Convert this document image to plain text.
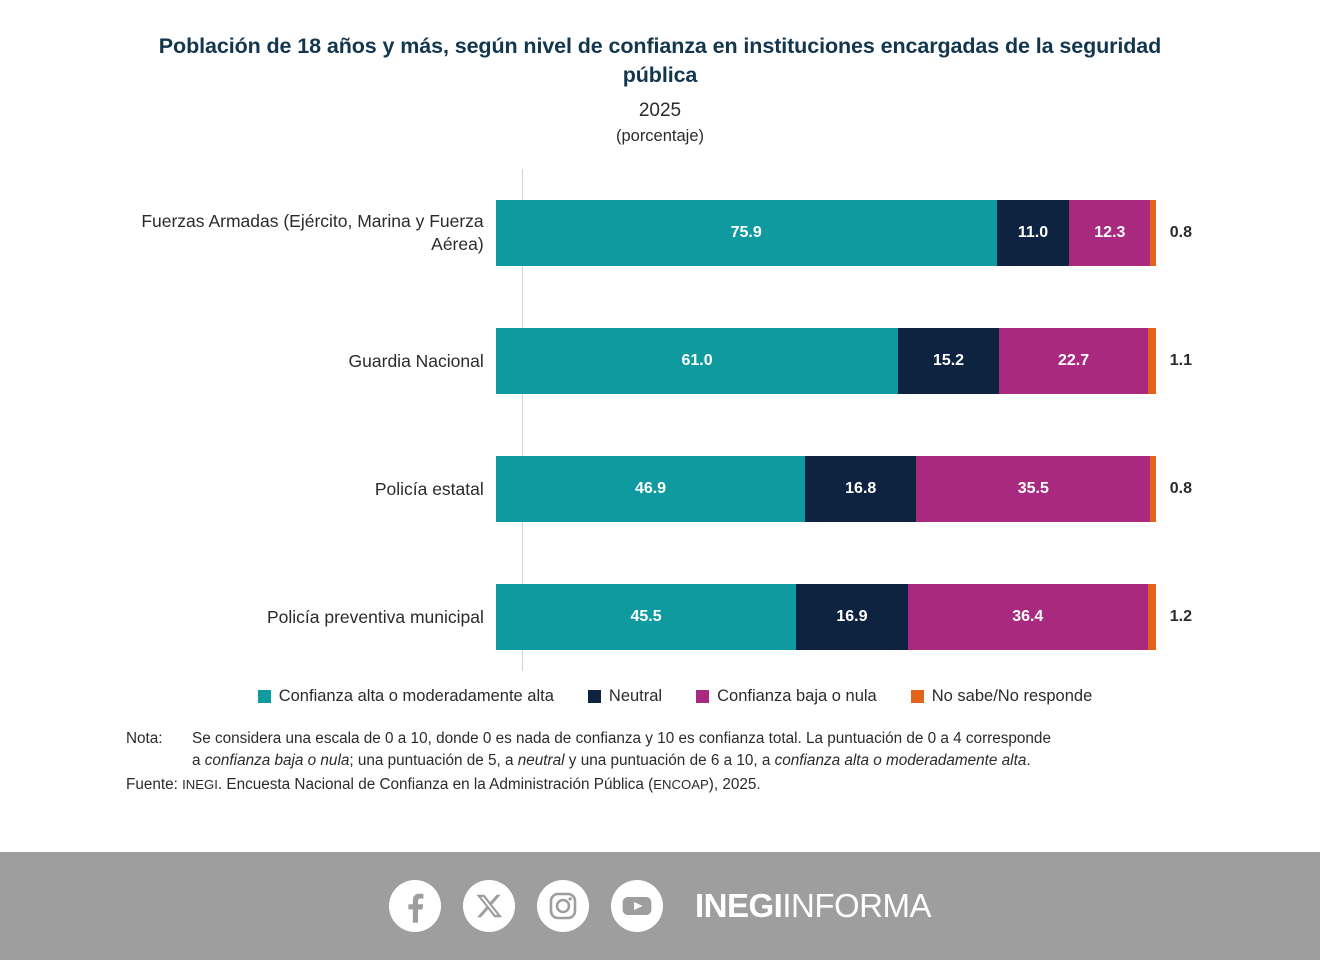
Población de 18 años y más, según nivel de confianza en instituciones encargadas de la seguridad pública
2025
(porcentaje)
Fuerzas Armadas (Ejército, Marina y Fuerza Aérea)
75.9	11.0	12.3	0.8
Guardia Nacional	61.0	15.2	22.7	1.1
Policía estatal	46.9	16.8	35.5	0.8
Policía preventiva municipal	45.5	16.9	36.4	1.2
Confianza alta o moderadamente alta	Neutral	Confianza baja o nula	No sabe/No responde
Nota:	Se considera una escala de 0 a 10, donde 0 es nada de confianza y 10 es confianza total. La puntuación de 0 a 4 corresponde
a confianza baja o nula; una puntuación de 5, a neutral y una puntuación de 6 a 10, a confianza alta o moderadamente alta.
Fuente: INEGI. Encuesta Nacional de Confianza en la Administración Pública (ENCOAP), 2025.
INEGIINFORMA
